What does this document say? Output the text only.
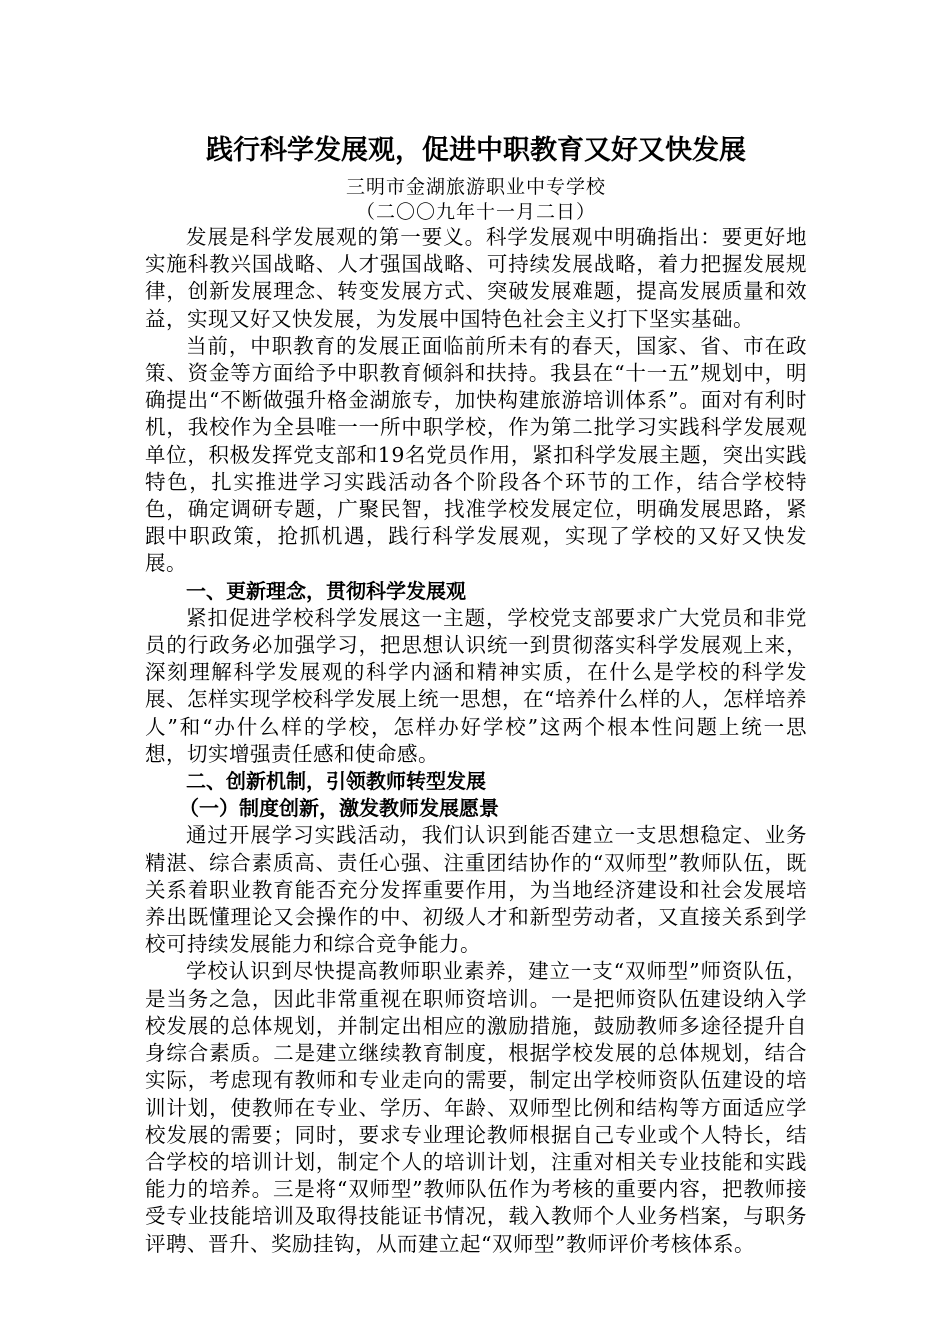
践行科学发展观，促进中职教育又好又快发展

三明市金湖旅游职业中专学校

（二〇〇九年十一月二日）

发展是科学发展观的第一要义。科学发展观中明确指出：要更好地实施科教兴国战略、人才强国战略、可持续发展战略，着力把握发展规律，创新发展理念、转变发展方式、突破发展难题，提高发展质量和效益，实现又好又快发展，为发展中国特色社会主义打下坚实基础。

当前，中职教育的发展正面临前所未有的春天，国家、省、市在政策、资金等方面给予中职教育倾斜和扶持。我县在“十一五”规划中，明确提出“不断做强升格金湖旅专，加快构建旅游培训体系”。面对有利时机，我校作为全县唯一一所中职学校，作为第二批学习实践科学发展观单位，积极发挥党支部和19名党员作用，紧扣科学发展主题，突出实践特色，扎实推进学习实践活动各个阶段各个环节的工作，结合学校特色，确定调研专题，广聚民智，找准学校发展定位，明确发展思路，紧跟中职政策，抢抓机遇，践行科学发展观，实现了学校的又好又快发展。

一、更新理念，贯彻科学发展观

紧扣促进学校科学发展这一主题，学校党支部要求广大党员和非党员的行政务必加强学习，把思想认识统一到贯彻落实科学发展观上来，深刻理解科学发展观的科学内涵和精神实质，在什么是学校的科学发展、怎样实现学校科学发展上统一思想，在“培养什么样的人，怎样培养人”和“办什么样的学校，怎样办好学校”这两个根本性问题上统一思想，切实增强责任感和使命感。

二、创新机制，引领教师转型发展

（一）制度创新，激发教师发展愿景

通过开展学习实践活动，我们认识到能否建立一支思想稳定、业务精湛、综合素质高、责任心强、注重团结协作的“双师型”教师队伍，既关系着职业教育能否充分发挥重要作用，为当地经济建设和社会发展培养出既懂理论又会操作的中、初级人才和新型劳动者，又直接关系到学校可持续发展能力和综合竞争能力。

学校认识到尽快提高教师职业素养，建立一支“双师型”师资队伍，是当务之急，因此非常重视在职师资培训。一是把师资队伍建设纳入学校发展的总体规划，并制定出相应的激励措施，鼓励教师多途径提升自身综合素质。二是建立继续教育制度，根据学校发展的总体规划，结合实际，考虑现有教师和专业走向的需要，制定出学校师资队伍建设的培训计划，使教师在专业、学历、年龄、双师型比例和结构等方面适应学校发展的需要；同时，要求专业理论教师根据自己专业或个人特长，结合学校的培训计划，制定个人的培训计划，注重对相关专业技能和实践能力的培养。三是将“双师型”教师队伍作为考核的重要内容，把教师接受专业技能培训及取得技能证书情况，载入教师个人业务档案，与职务评聘、晋升、奖励挂钩，从而建立起“双师型”教师评价考核体系。
